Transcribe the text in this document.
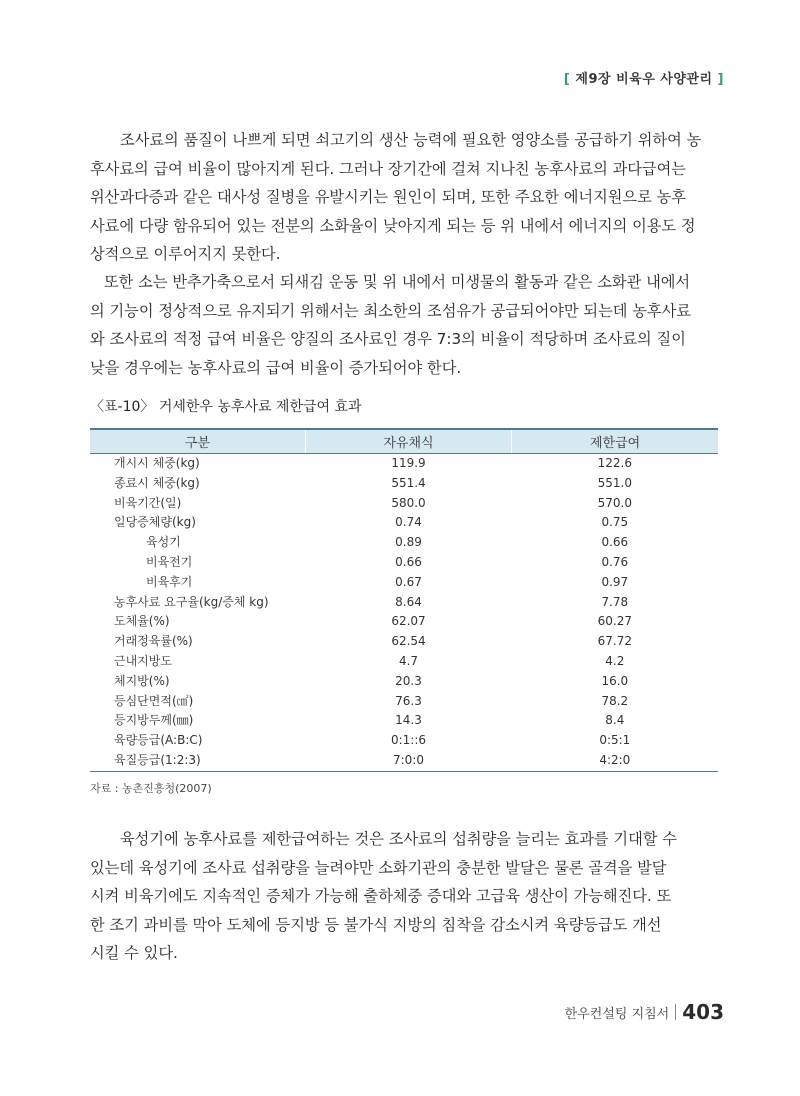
[ 제9장 비육우 사양관리 ]
조사료의 품질이 나쁘게 되면 쇠고기의 생산 능력에 필요한 영양소를 공급하기 위하여 농
후사료의 급여 비율이 많아지게 된다. 그러나 장기간에 걸쳐 지나친 농후사료의 과다급여는
위산과다증과 같은 대사성 질병을 유발시키는 원인이 되며, 또한 주요한 에너지원으로 농후
사료에 다량 함유되어 있는 전분의 소화율이 낮아지게 되는 등 위 내에서 에너지의 이용도 정
상적으로 이루어지지 못한다.
또한 소는 반추가축으로서 되새김 운동 및 위 내에서 미생물의 활동과 같은 소화관 내에서
의 기능이 정상적으로 유지되기 위해서는 최소한의 조섬유가 공급되어야만 되는데 농후사료
와 조사료의 적정 급여 비율은 양질의 조사료인 경우 7:3의 비율이 적당하며 조사료의 질이
낮을 경우에는 농후사료의 급여 비율이 증가되어야 한다.
〈표-10〉 거세한우 농후사료 제한급여 효과
구분	자유채식	제한급여
개시시 체중(kg)	119.9	122.6
종료시 체중(kg)	551.4	551.0
비육기간(일)	580.0	570.0
일당증체량(kg)	0.74	0.75
육성기	0.89	0.66
비육전기	0.66	0.76
비육후기	0.67	0.97
농후사료 요구율(kg/증체 kg)	8.64	7.78
도체율(%)	62.07	60.27
거래정육률(%)	62.54	67.72
근내지방도	4.7	4.2
체지방(%)	20.3	16.0
등심단면적(㎠)	76.3	78.2
등지방두께(㎜)	14.3	8.4
육량등급(A:B:C)	0:1::6	0:5:1
육질등급(1:2:3)	7:0:0	4:2:0
자료 : 농촌진흥청(2007)
육성기에 농후사료를 제한급여하는 것은 조사료의 섭취량을 늘리는 효과를 기대할 수
있는데 육성기에 조사료 섭취량을 늘려야만 소화기관의 충분한 발달은 물론 골격을 발달
시켜 비육기에도 지속적인 증체가 가능해 출하체중 증대와 고급육 생산이 가능해진다. 또
한 조기 과비를 막아 도체에 등지방 등 불가식 지방의 침착을 감소시켜 육량등급도 개선
시킬 수 있다.
한우컨설팅 지침서 403
